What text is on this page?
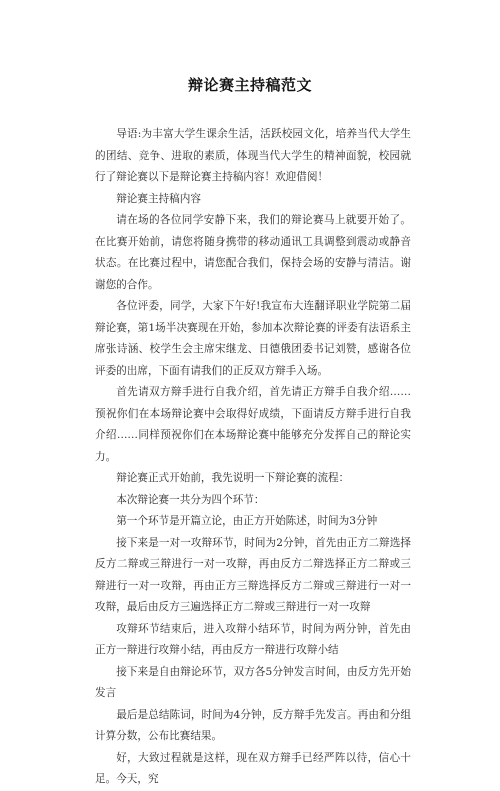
辩论赛主持稿范文

导语:为丰富大学生课余生活，活跃校园文化，培养当代大学生的团结、竞争、进取的素质，体现当代大学生的精神面貌，校园就行了辩论赛以下是辩论赛主持稿内容！欢迎借阅！

辩论赛主持稿内容

请在场的各位同学安静下来，我们的辩论赛马上就要开始了。在比赛开始前，请您将随身携带的移动通讯工具调整到震动或静音状态。在比赛过程中，请您配合我们，保持会场的安静与清洁。谢谢您的合作。

各位评委，同学，大家下午好!我宣布大连翻译职业学院第二届辩论赛，第1场半决赛现在开始，参加本次辩论赛的评委有法语系主席张诗涵、校学生会主席宋继龙、日德俄团委书记刘赞，感谢各位评委的出席，下面有请我们的正反双方辩手入场。

首先请双方辩手进行自我介绍，首先请正方辩手自我介绍……预祝你们在本场辩论赛中会取得好成绩，下面请反方辩手进行自我介绍……同样预祝你们在本场辩论赛中能够充分发挥自己的辩论实力。

辩论赛正式开始前，我先说明一下辩论赛的流程：

本次辩论赛一共分为四个环节：

第一个环节是开篇立论，由正方开始陈述，时间为3分钟

接下来是一对一攻辩环节，时间为2分钟，首先由正方二辩选择反方二辩或三辩进行一对一攻辩，再由反方二辩选择正方二辩或三辩进行一对一攻辩，再由正方三辩选择反方二辩或三辩进行一对一攻辩，最后由反方三遍选择正方二辩或三辩进行一对一攻辩

攻辩环节结束后，进入攻辩小结环节，时间为两分钟，首先由正方一辩进行攻辩小结，再由反方一辩进行攻辩小结

接下来是自由辩论环节，双方各5分钟发言时间，由反方先开始发言

最后是总结陈词，时间为4分钟，反方辩手先发言。再由和分组计算分数，公布比赛结果。

好，大致过程就是这样，现在双方辩手已经严阵以待，信心十足。今天，究
